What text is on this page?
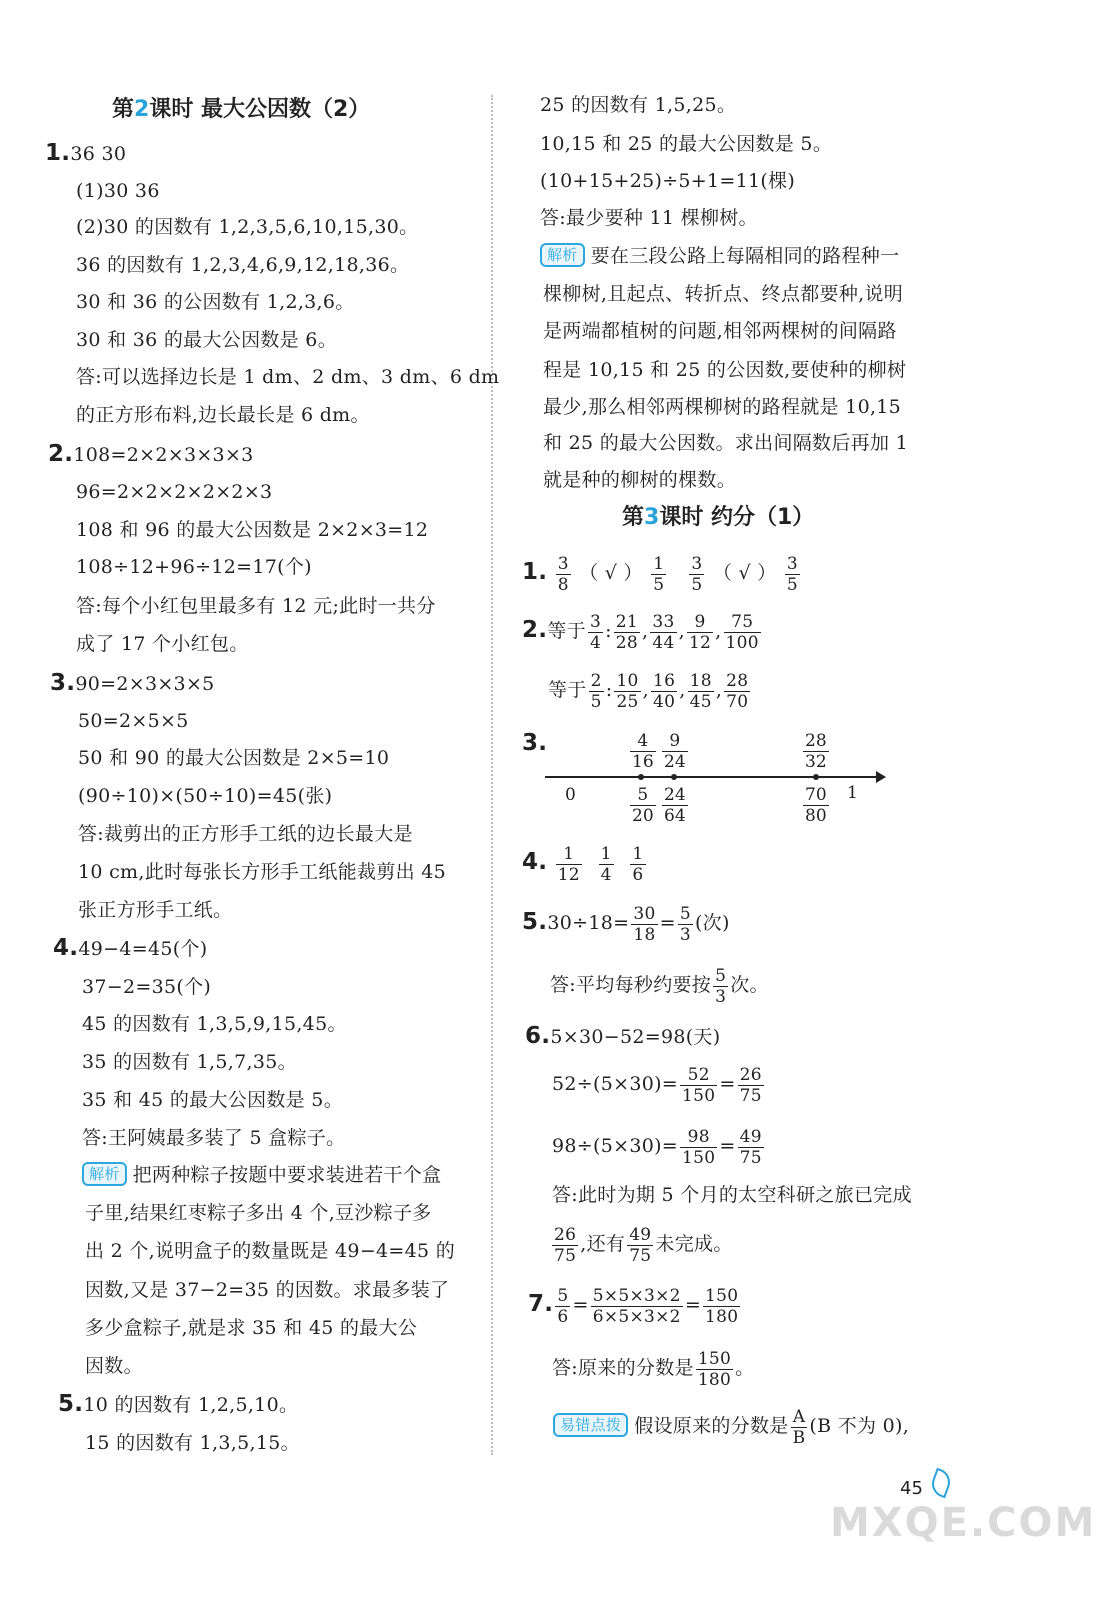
第2课时 最大公因数（2）
1.36 30
(1)30 36
(2)30 的因数有 1,2,3,5,6,10,15,30。
36 的因数有 1,2,3,4,6,9,12,18,36。
30 和 36 的公因数有 1,2,3,6。
30 和 36 的最大公因数是 6。
答:可以选择边长是 1 dm、2 dm、3 dm、6 dm
的正方形布料,边长最长是 6 dm。
2.108=2×2×3×3×3
96=2×2×2×2×2×3
108 和 96 的最大公因数是 2×2×3=12
108÷12+96÷12=17(个)
答:每个小红包里最多有 12 元;此时一共分
成了 17 个小红包。
3.90=2×3×3×5
50=2×5×5
50 和 90 的最大公因数是 2×5=10
(90÷10)×(50÷10)=45(张)
答:裁剪出的正方形手工纸的边长最大是
10 cm,此时每张长方形手工纸能裁剪出 45
张正方形手工纸。
4.49−4=45(个)
37−2=35(个)
45 的因数有 1,3,5,9,15,45。
35 的因数有 1,5,7,35。
35 和 45 的最大公因数是 5。
答:王阿姨最多装了 5 盒粽子。
解析 把两种粽子按题中要求装进若干个盒
子里,结果红枣粽子多出 4 个,豆沙粽子多
出 2 个,说明盒子的数量既是 49−4=45 的
因数,又是 37−2=35 的因数。求最多装了
多少盒粽子,就是求 35 和 45 的最大公
因数。
5.10 的因数有 1,2,5,10。
15 的因数有 1,3,5,15。
25 的因数有 1,5,25。
10,15 和 25 的最大公因数是 5。
(10+15+25)÷5+1=11(棵)
答:最少要种 11 棵柳树。
解析 要在三段公路上每隔相同的路程种一
棵柳树,且起点、转折点、终点都要种,说明
是两端都植树的问题,相邻两棵树的间隔路
程是 10,15 和 25 的公因数,要使种的柳树
最少,那么相邻两棵柳树的路程就是 10,15
和 25 的最大公因数。求出间隔数后再加 1
就是种的柳树的棵数。
第3课时 约分（1）
1. $\frac{3}{8}$ （ √ ） $\frac{1}{5}$
$\frac{3}{5}$ （ √ ） $\frac{3}{5}$
2.等于 $\frac{3}{4}$ : $\frac{21}{28}$ , $\frac{33}{44}$ , $\frac{9}{12}$ , $\frac{75}{100}$
等于 $\frac{2}{5}$ : $\frac{10}{25}$ , $\frac{16}{40}$ , $\frac{18}{45}$ , $\frac{28}{70}$
3.	$\frac{4}{16} \frac{9}{24}$	$\frac{28}{32}$
0	1
$\frac{5}{20} \frac{24}{64}$	$\frac{70}{80}$
4. $\frac{1}{12}$
$\frac{1}{4}$
$\frac{1}{6}$
$5.30\div 18= \frac{30}{18} = \frac{5}{3}$ (次)
答:平均每秒约要按 $\frac{5}{3}$ 次。
6.5×30−52=98(天)
$52\div(5\times 30)= \frac{52}{150} = \frac{26}{75}$
$98\div(5\times 30)= \frac{98}{150} = \frac{49}{75}$
答:此时为期 5 个月的太空科研之旅已完成
$\frac{26}{75}$ ,还有 $\frac{49}{75}$ 未完成。
7. $\frac{5}{6} = \frac{5\times 5\times 3\times 2}{6\times 5\times 3\times 2} = \frac{150}{180}$
答:原来的分数是 $\frac{150}{180}$ 。
易错点拨 假设原来的分数是 $\frac{A}{B} (B$ 不为 0),
45
MXQE.COM
